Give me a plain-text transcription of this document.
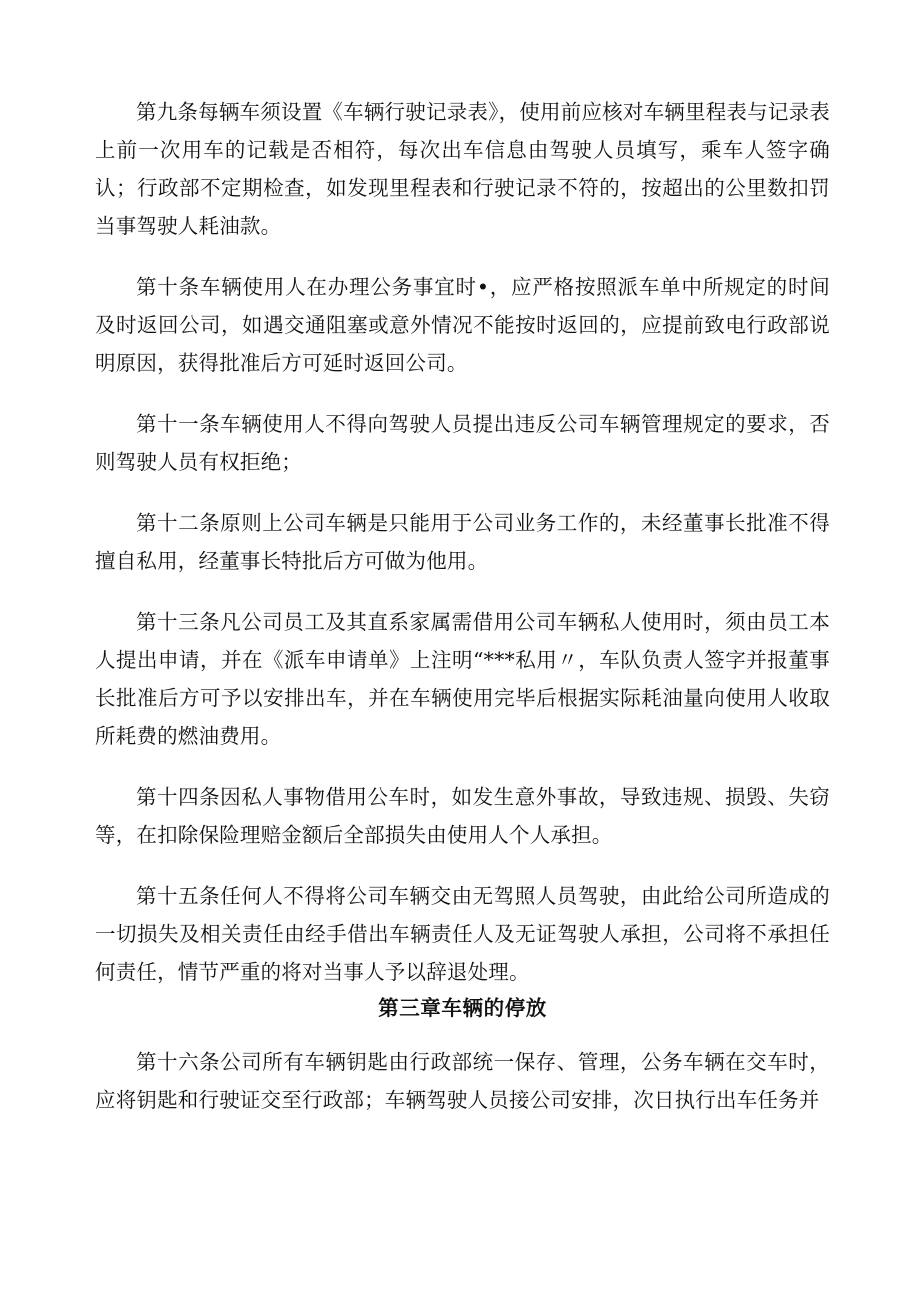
第九条每辆车须设置《车辆行驶记录表》，使用前应核对车辆里程表与记录表上前一次用车的记载是否相符，每次出车信息由驾驶人员填写，乘车人签字确认；行政部不定期检查，如发现里程表和行驶记录不符的，按超出的公里数扣罚当事驾驶人耗油款。

第十条车辆使用人在办理公务事宜时•，应严格按照派车单中所规定的时间及时返回公司，如遇交通阻塞或意外情况不能按时返回的，应提前致电行政部说明原因，获得批准后方可延时返回公司。

第十一条车辆使用人不得向驾驶人员提出违反公司车辆管理规定的要求，否则驾驶人员有权拒绝；

第十二条原则上公司车辆是只能用于公司业务工作的，未经董事长批准不得擅自私用，经董事长特批后方可做为他用。

第十三条凡公司员工及其直系家属需借用公司车辆私人使用时，须由员工本人提出申请，并在《派车申请单》上注明“***私用〃，车队负责人签字并报董事长批准后方可予以安排出车，并在车辆使用完毕后根据实际耗油量向使用人收取所耗费的燃油费用。

第十四条因私人事物借用公车时，如发生意外事故，导致违规、损毁、失窃等，在扣除保险理赔金额后全部损失由使用人个人承担。

第十五条任何人不得将公司车辆交由无驾照人员驾驶，由此给公司所造成的一切损失及相关责任由经手借出车辆责任人及无证驾驶人承担，公司将不承担任何责任，情节严重的将对当事人予以辞退处理。

第三章车辆的停放

第十六条公司所有车辆钥匙由行政部统一保存、管理，公务车辆在交车时，应将钥匙和行驶证交至行政部；车辆驾驶人员接公司安排，次日执行出车任务并
